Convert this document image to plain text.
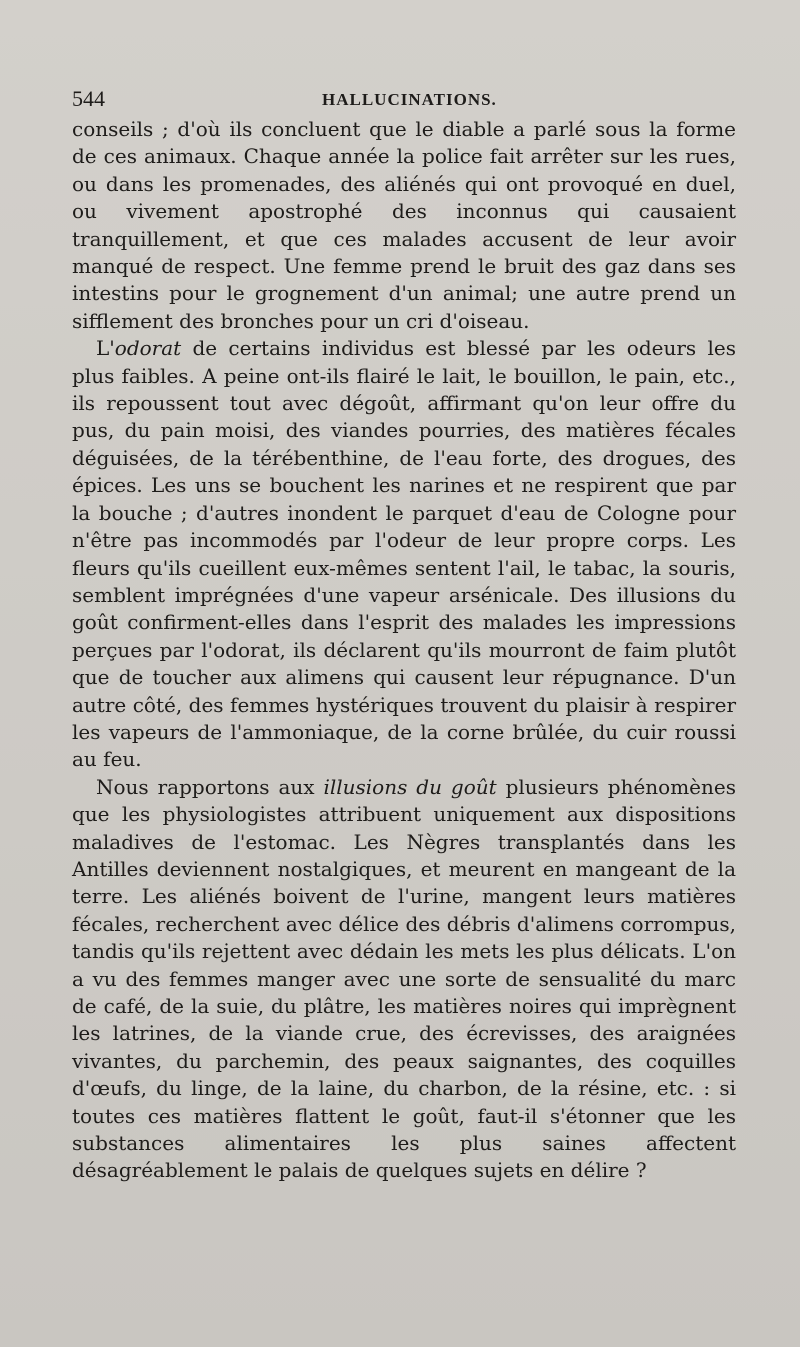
544	HALLUCINATIONS.

conseils ; d'où ils concluent que le diable a parlé sous la forme de ces animaux. Chaque année la police fait arrêter sur les rues, ou dans les promenades, des aliénés qui ont provoqué en duel, ou vivement apostrophé des inconnus qui causaient tranquillement, et que ces malades accusent de leur avoir manqué de respect. Une femme prend le bruit des gaz dans ses intestins pour le grognement d'un animal; une autre prend un sifflement des bronches pour un cri d'oiseau.

L'odorat de certains individus est blessé par les odeurs les plus faibles. A peine ont-ils flairé le lait, le bouillon, le pain, etc., ils repoussent tout avec dégoût, affirmant qu'on leur offre du pus, du pain moisi, des viandes pourries, des matières fécales déguisées, de la térébenthine, de l'eau forte, des drogues, des épices. Les uns se bouchent les narines et ne respirent que par la bouche ; d'autres inondent le parquet d'eau de Cologne pour n'être pas incommodés par l'odeur de leur propre corps. Les fleurs qu'ils cueillent eux-mêmes sentent l'ail, le tabac, la souris, semblent imprégnées d'une vapeur arsénicale. Des illusions du goût confirment-elles dans l'esprit des malades les impressions perçues par l'odorat, ils déclarent qu'ils mourront de faim plutôt que de toucher aux alimens qui causent leur répugnance. D'un autre côté, des femmes hystériques trouvent du plaisir à respirer les vapeurs de l'ammoniaque, de la corne brûlée, du cuir roussi au feu.

Nous rapportons aux illusions du goût plusieurs phénomènes que les physiologistes attribuent uniquement aux dispositions maladives de l'estomac. Les Nègres transplantés dans les Antilles deviennent nostalgiques, et meurent en mangeant de la terre. Les aliénés boivent de l'urine, mangent leurs matières fécales, recherchent avec délice des débris d'alimens corrompus, tandis qu'ils rejettent avec dédain les mets les plus délicats. L'on a vu des femmes manger avec une sorte de sensualité du marc de café, de la suie, du plâtre, les matières noires qui imprègnent les latrines, de la viande crue, des écrevisses, des araignées vivantes, du parchemin, des peaux saignantes, des coquilles d'œufs, du linge, de la laine, du charbon, de la résine, etc. : si toutes ces matières flattent le goût, faut-il s'étonner que les substances alimentaires les plus saines affectent désagréablement le palais de quelques sujets en délire ?
